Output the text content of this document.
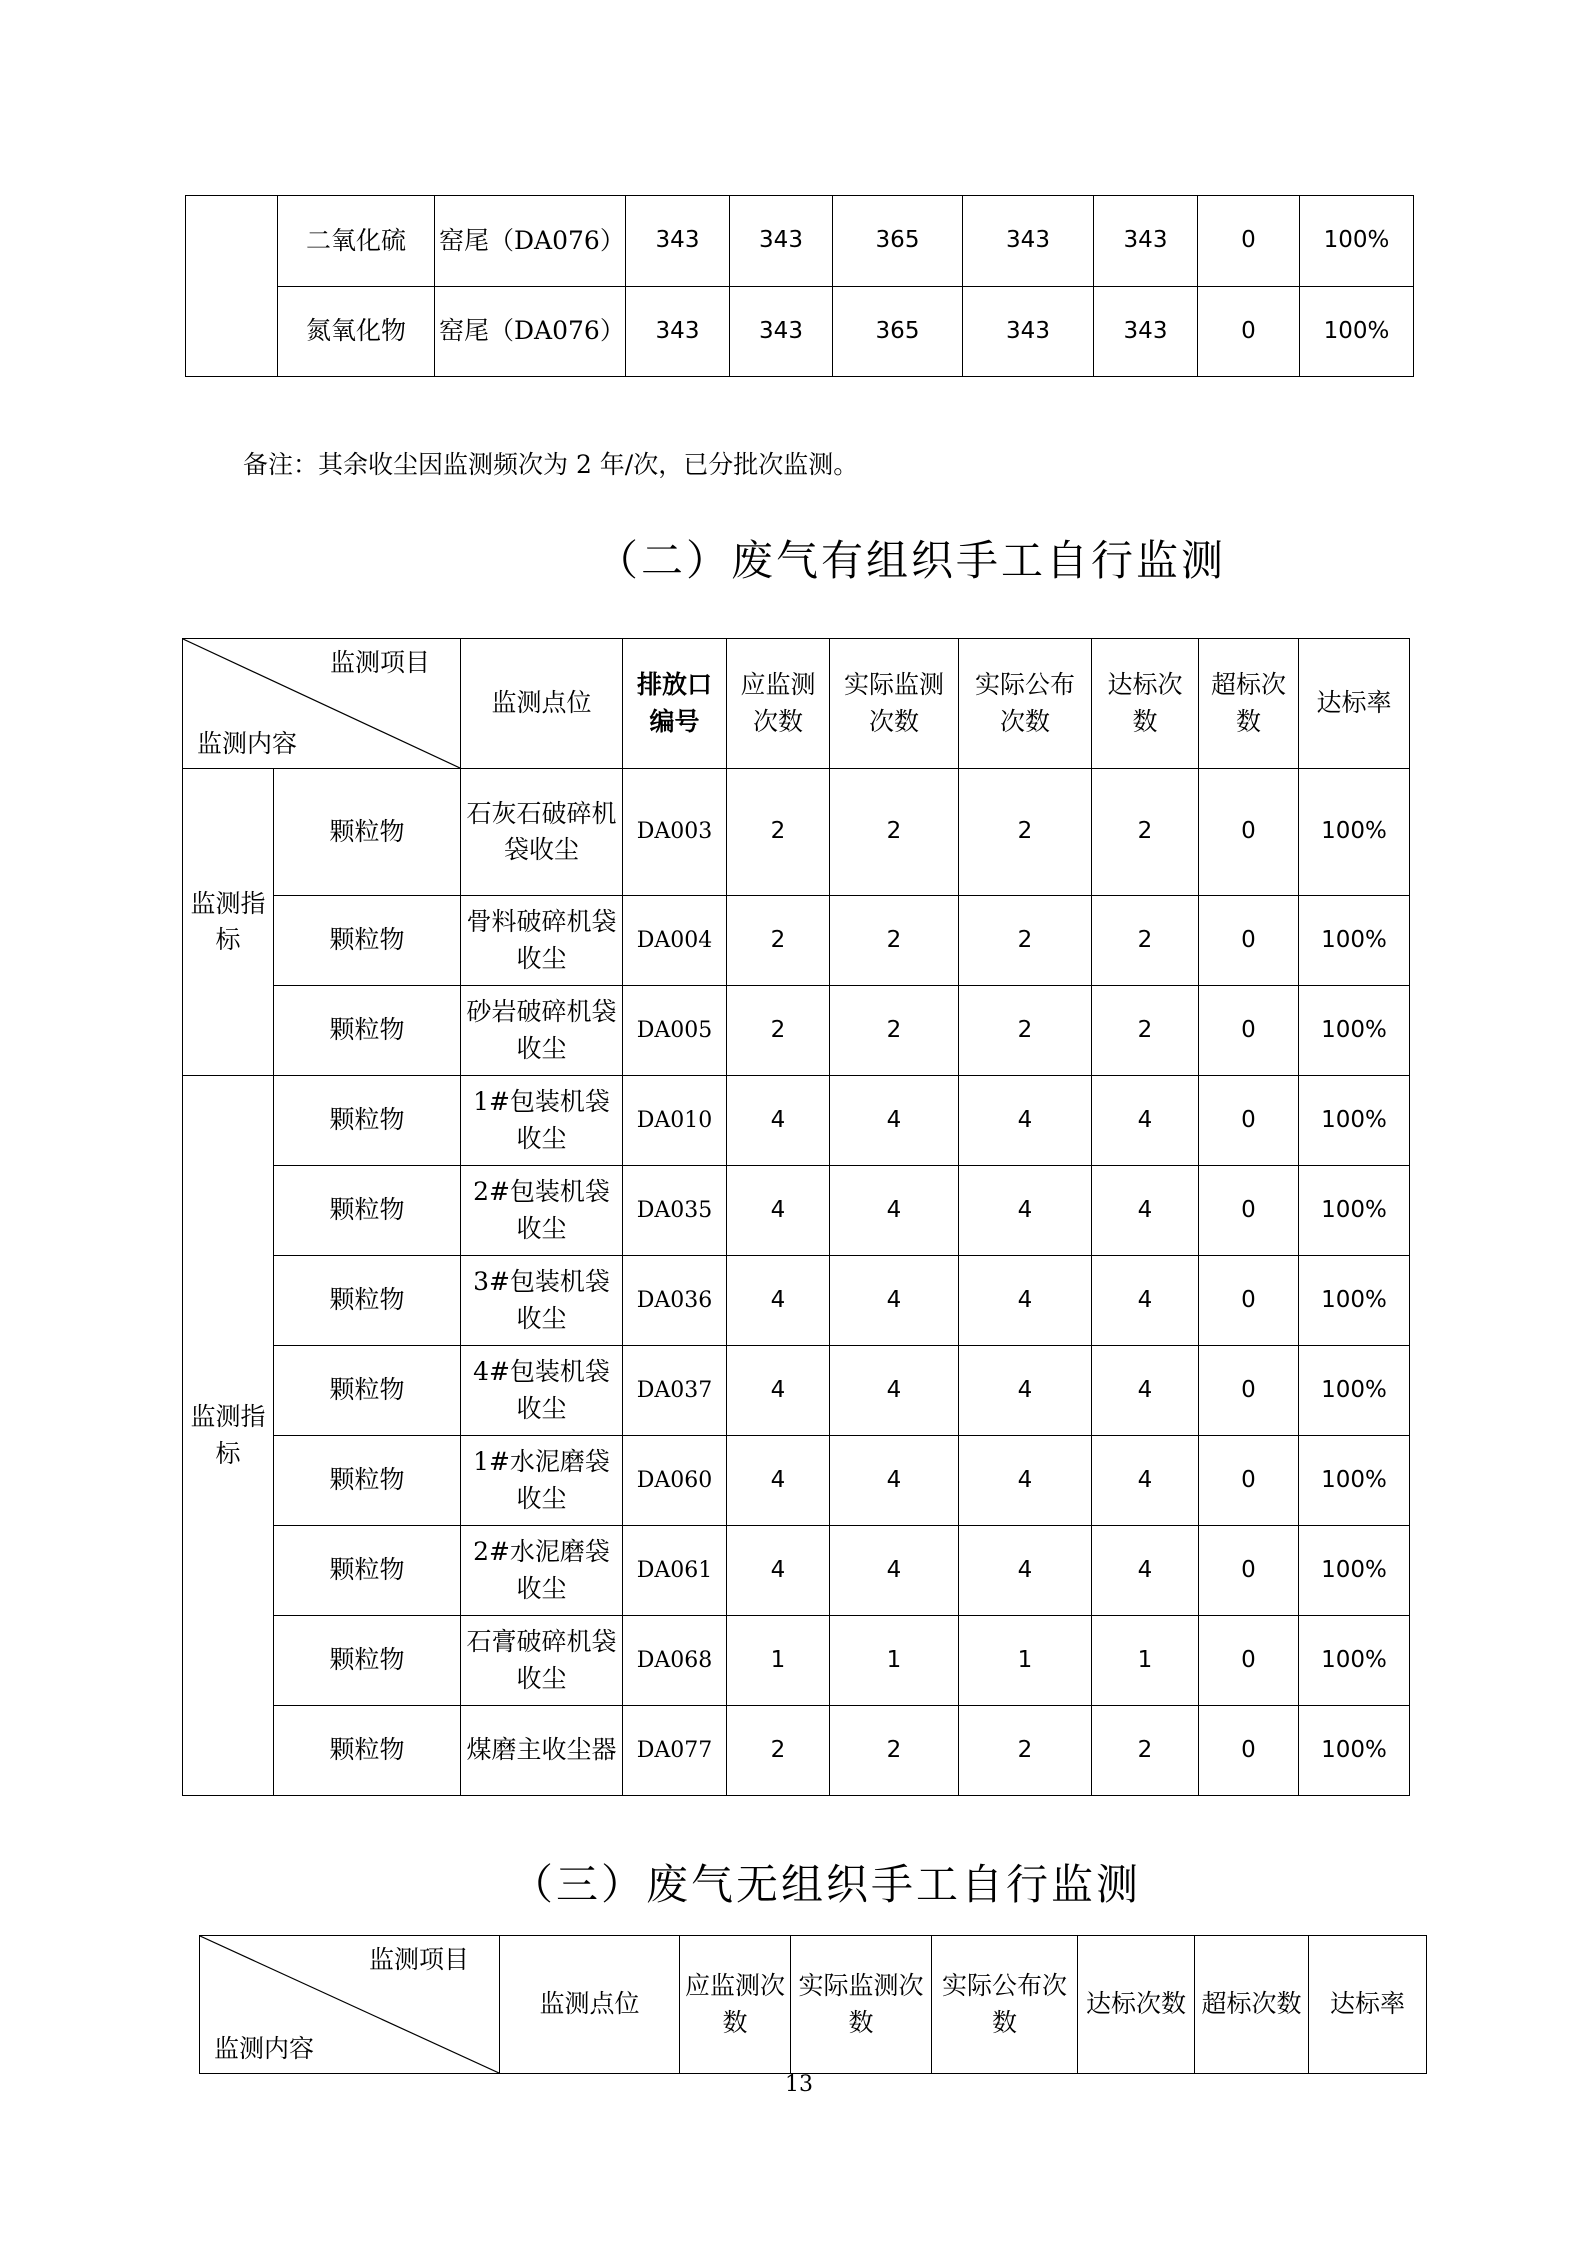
	二氧化硫	窑尾（DA076）	343	343	365	343	343	0	100%
	氮氧化物	窑尾（DA076）	343	343	365	343	343	0	100%
备注：其余收尘因监测频次为 2 年/次，已分批次监测。
（二）废气有组织手工自行监测
监测项目
监测内容		监测点位	排放口编号	应监测次数	实际监测次数	实际公布次数	达标次数	超标次数	达标率
监测指标	颗粒物	石灰石破碎机袋收尘	DA003	2	2	2	2	0	100%
	颗粒物	骨料破碎机袋收尘	DA004	2	2	2	2	0	100%
	颗粒物	砂岩破碎机袋收尘	DA005	2	2	2	2	0	100%
监测指标	颗粒物	1#包装机袋收尘	DA010	4	4	4	4	0	100%
	颗粒物	2#包装机袋收尘	DA035	4	4	4	4	0	100%
	颗粒物	3#包装机袋收尘	DA036	4	4	4	4	0	100%
	颗粒物	4#包装机袋收尘	DA037	4	4	4	4	0	100%
	颗粒物	1#水泥磨袋收尘	DA060	4	4	4	4	0	100%
	颗粒物	2#水泥磨袋收尘	DA061	4	4	4	4	0	100%
	颗粒物	石膏破碎机袋收尘	DA068	1	1	1	1	0	100%
	颗粒物	煤磨主收尘器	DA077	2	2	2	2	0	100%
（三）废气无组织手工自行监测
监测项目
监测内容
	监测点位	应监测次数	实际监测次数	实际公布次数	达标次数	超标次数	达标率
13
